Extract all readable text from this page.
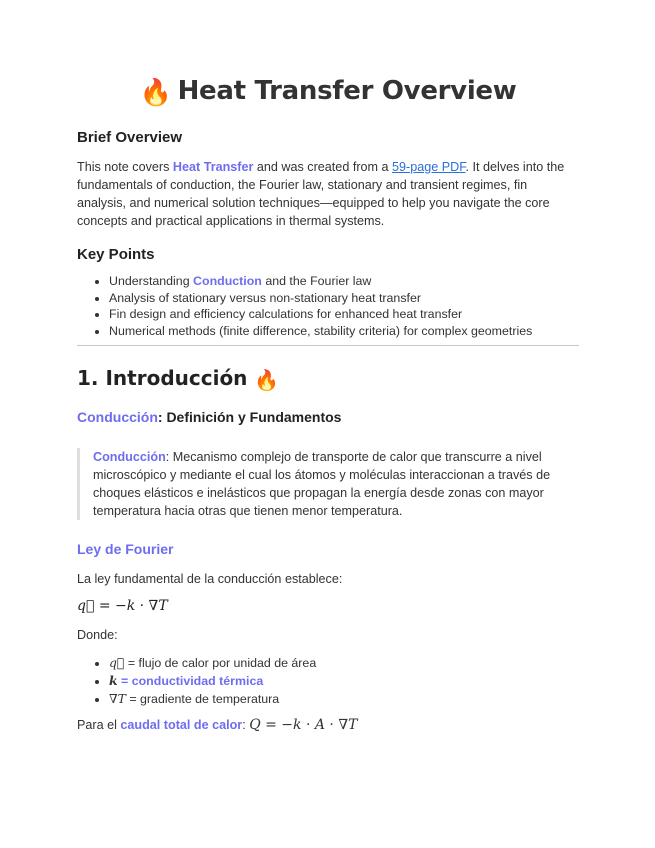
🔥 Heat Transfer Overview
Brief Overview
This note covers Heat Transfer and was created from a 59-page PDF. It delves into the fundamentals of conduction, the Fourier law, stationary and transient regimes, fin analysis, and numerical solution techniques—equipped to help you navigate the core concepts and practical applications in thermal systems.
Key Points
• Understanding Conduction and the Fourier law
• Analysis of stationary versus non-stationary heat transfer
• Fin design and efficiency calculations for enhanced heat transfer
• Numerical methods (finite difference, stability criteria) for complex geometries
1. Introducción 🔥
Conducción: Definición y Fundamentos
Conducción: Mecanismo complejo de transporte de calor que transcurre a nivel microscópico y mediante el cual los átomos y moléculas interaccionan a través de choques elásticos e inelásticos que propagan la energía desde zonas con mayor temperatura hacia otras que tienen menor temperatura.
Ley de Fourier
La ley fundamental de la conducción establece:
q⃗ = −k · ∇T
Donde:
• q⃗ = flujo de calor por unidad de área
• k = conductividad térmica
• ∇T = gradiente de temperatura
Para el caudal total de calor: Q = −k · A · ∇T
